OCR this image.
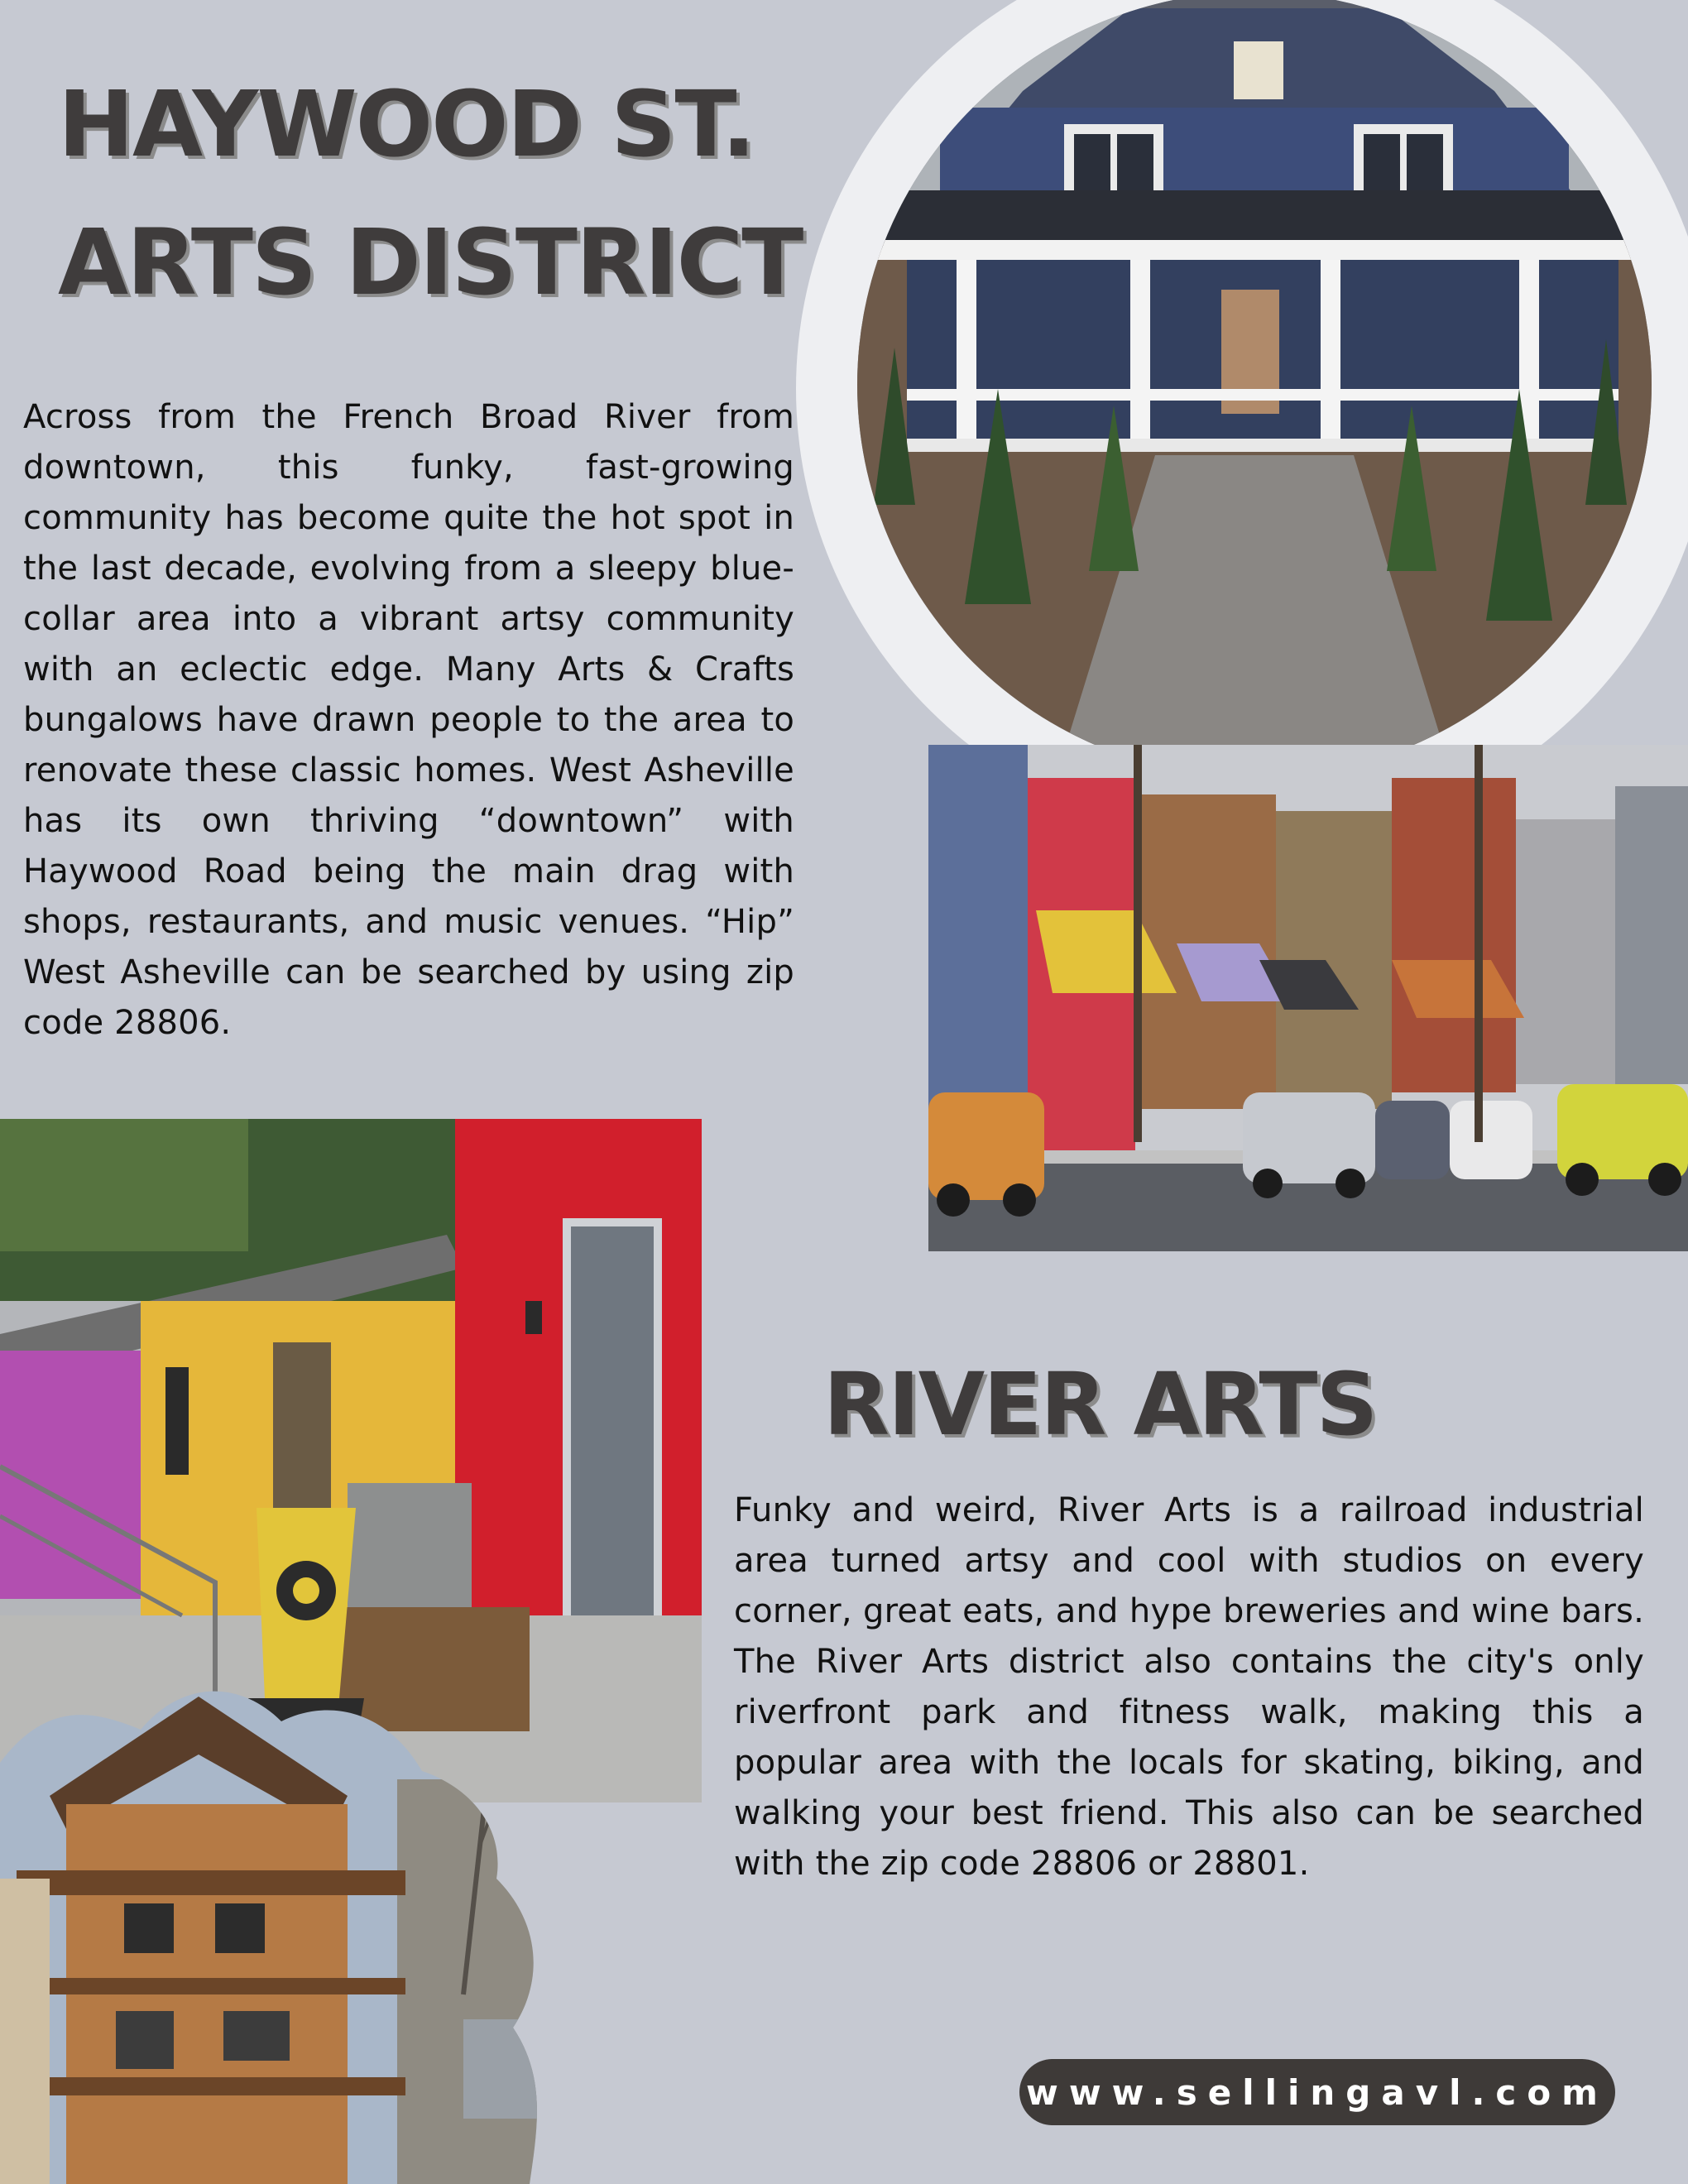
HAYWOOD ST.
ARTS DISTRICT

Across from the French Broad River from downtown, this funky, fast-growing community has become quite the hot spot in the last decade, evolving from a sleepy blue-collar area into a vibrant artsy community with an eclectic edge. Many Arts & Crafts bungalows have drawn people to the area to renovate these classic homes. West Asheville has its own thriving “downtown” with Haywood Road being the main drag with shops, restaurants, and music venues. “Hip” West Asheville can be searched by using zip code 28806.

RIVER ARTS

Funky and weird, River Arts is a railroad industrial area turned artsy and cool with studios on every corner, great eats, and hype breweries and wine bars. The River Arts district also contains the city's only riverfront park and fitness walk, making this a popular area with the locals for skating, biking, and walking your best friend. This also can be searched with the zip code 28806 or 28801.

www.sellingavl.com
